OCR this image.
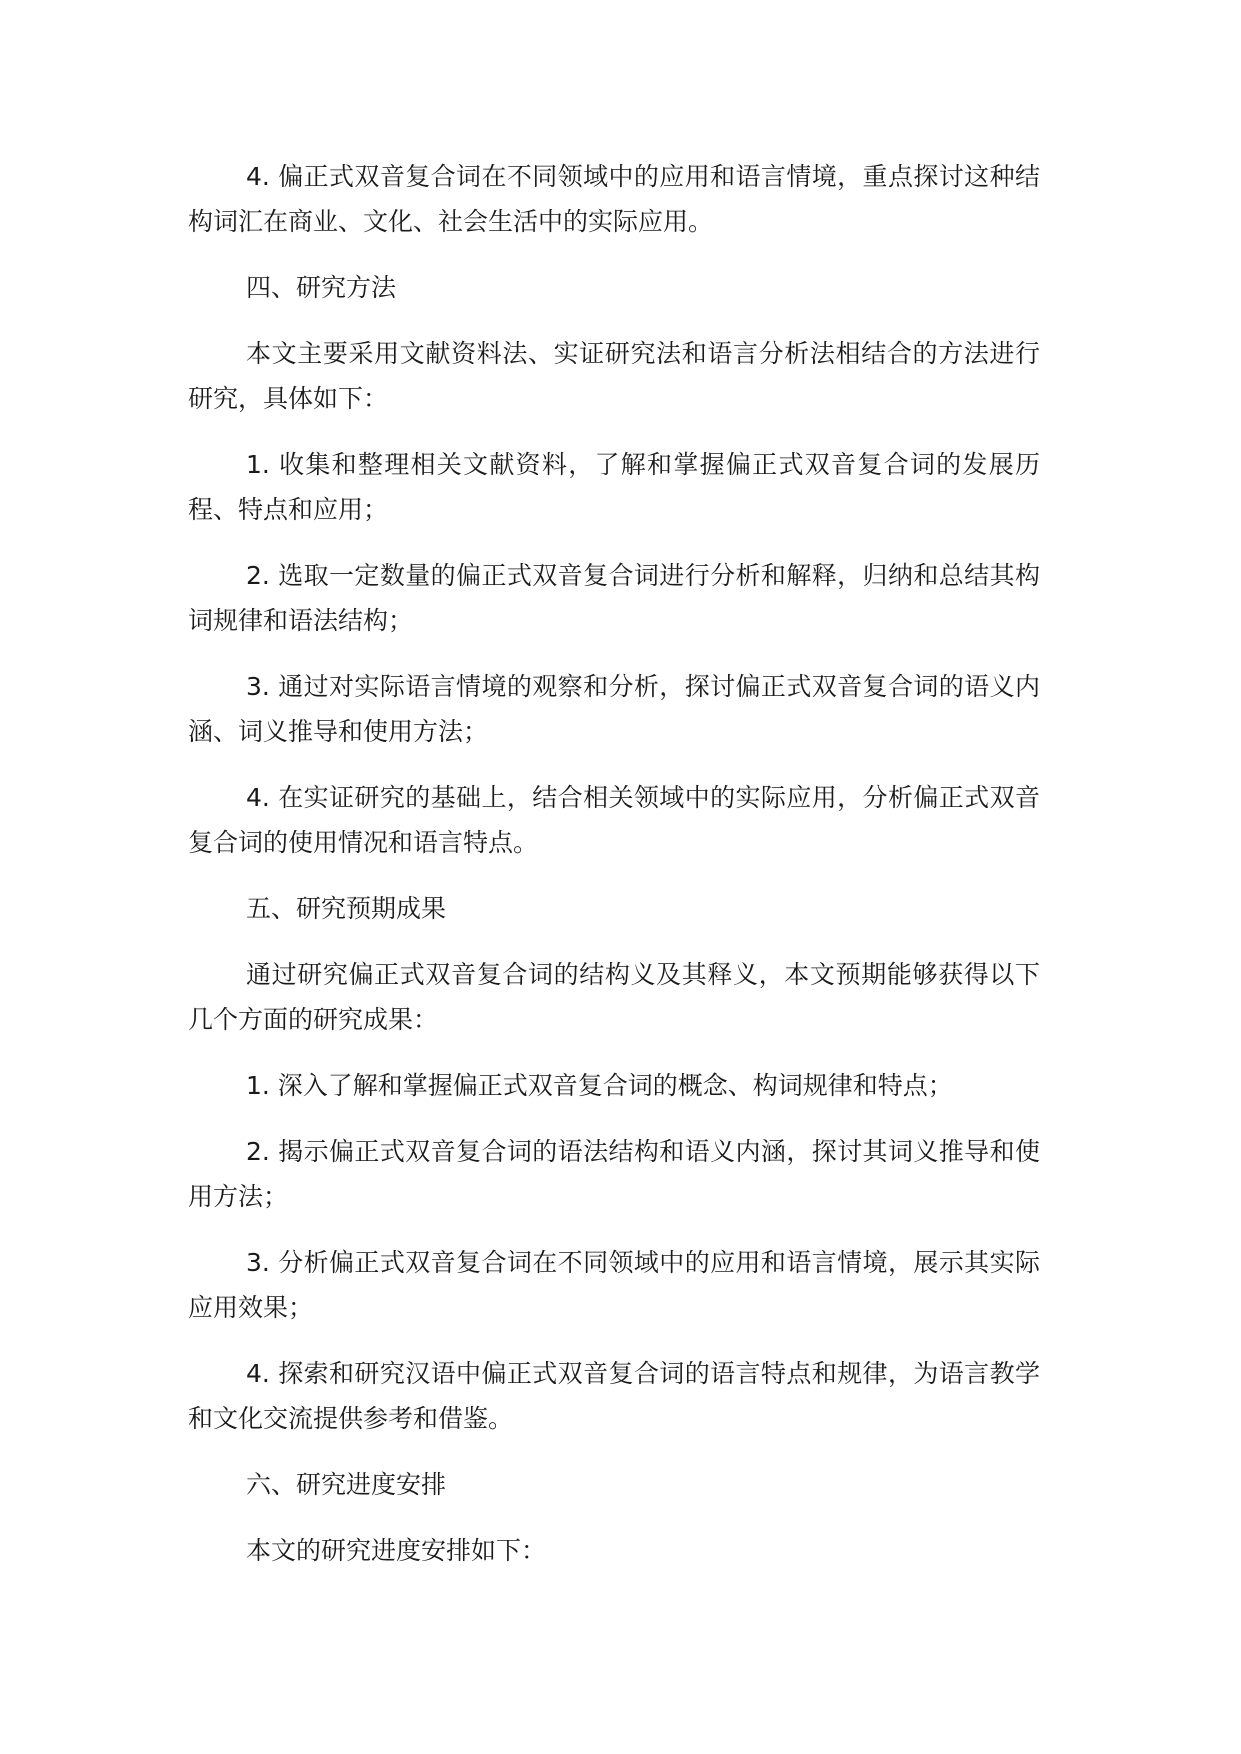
4. 偏正式双音复合词在不同领域中的应用和语言情境，重点探讨这种结构词汇在商业、文化、社会生活中的实际应用。

四、研究方法

本文主要采用文献资料法、实证研究法和语言分析法相结合的方法进行研究，具体如下：

1. 收集和整理相关文献资料，了解和掌握偏正式双音复合词的发展历程、特点和应用；

2. 选取一定数量的偏正式双音复合词进行分析和解释，归纳和总结其构词规律和语法结构；

3. 通过对实际语言情境的观察和分析，探讨偏正式双音复合词的语义内涵、词义推导和使用方法；

4. 在实证研究的基础上，结合相关领域中的实际应用，分析偏正式双音复合词的使用情况和语言特点。

五、研究预期成果

通过研究偏正式双音复合词的结构义及其释义，本文预期能够获得以下几个方面的研究成果：

1. 深入了解和掌握偏正式双音复合词的概念、构词规律和特点；

2. 揭示偏正式双音复合词的语法结构和语义内涵，探讨其词义推导和使用方法；

3. 分析偏正式双音复合词在不同领域中的应用和语言情境，展示其实际应用效果；

4. 探索和研究汉语中偏正式双音复合词的语言特点和规律，为语言教学和文化交流提供参考和借鉴。

六、研究进度安排

本文的研究进度安排如下：
